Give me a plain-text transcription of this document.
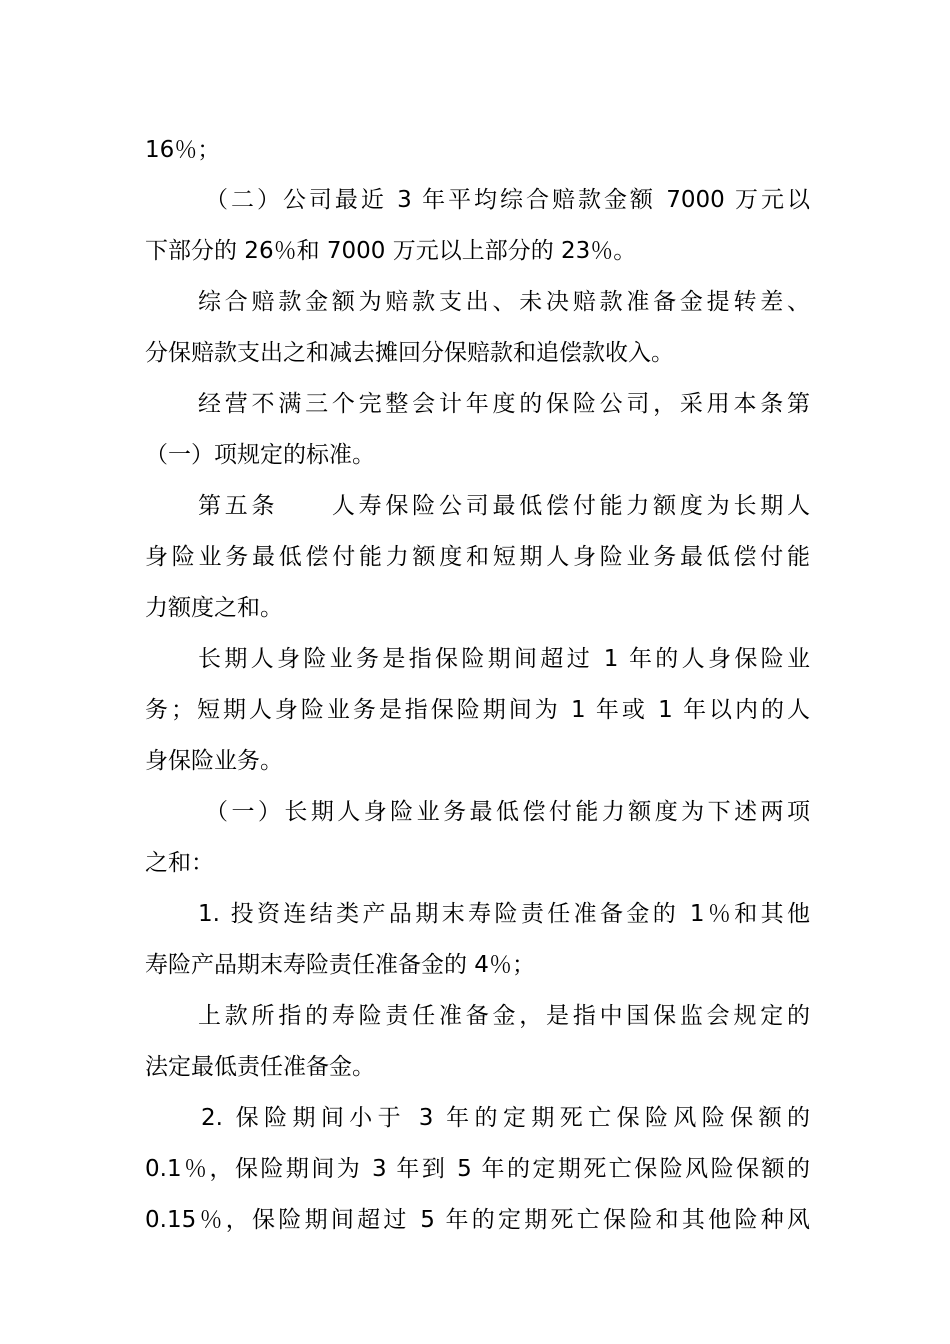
16％；
（二）公司最近 3 年平均综合赔款金额 7000 万元以
下部分的 26％和 7000 万元以上部分的 23％。
综合赔款金额为赔款支出、未决赔款准备金提转差、
分保赔款支出之和减去摊回分保赔款和追偿款收入。
经营不满三个完整会计年度的保险公司，采用本条第
（一）项规定的标准。
第五条　　人寿保险公司最低偿付能力额度为长期人
身险业务最低偿付能力额度和短期人身险业务最低偿付能
力额度之和。
长期人身险业务是指保险期间超过 1 年的人身保险业
务；短期人身险业务是指保险期间为 1 年或 1 年以内的人
身保险业务。
（一）长期人身险业务最低偿付能力额度为下述两项
之和：
1. 投资连结类产品期末寿险责任准备金的 1％和其他
寿险产品期末寿险责任准备金的 4％；
上款所指的寿险责任准备金，是指中国保监会规定的
法定最低责任准备金。
2. 保险期间小于 3 年的定期死亡保险风险保额的
0.1％，保险期间为 3 年到 5 年的定期死亡保险风险保额的
0.15％，保险期间超过 5 年的定期死亡保险和其他险种风
